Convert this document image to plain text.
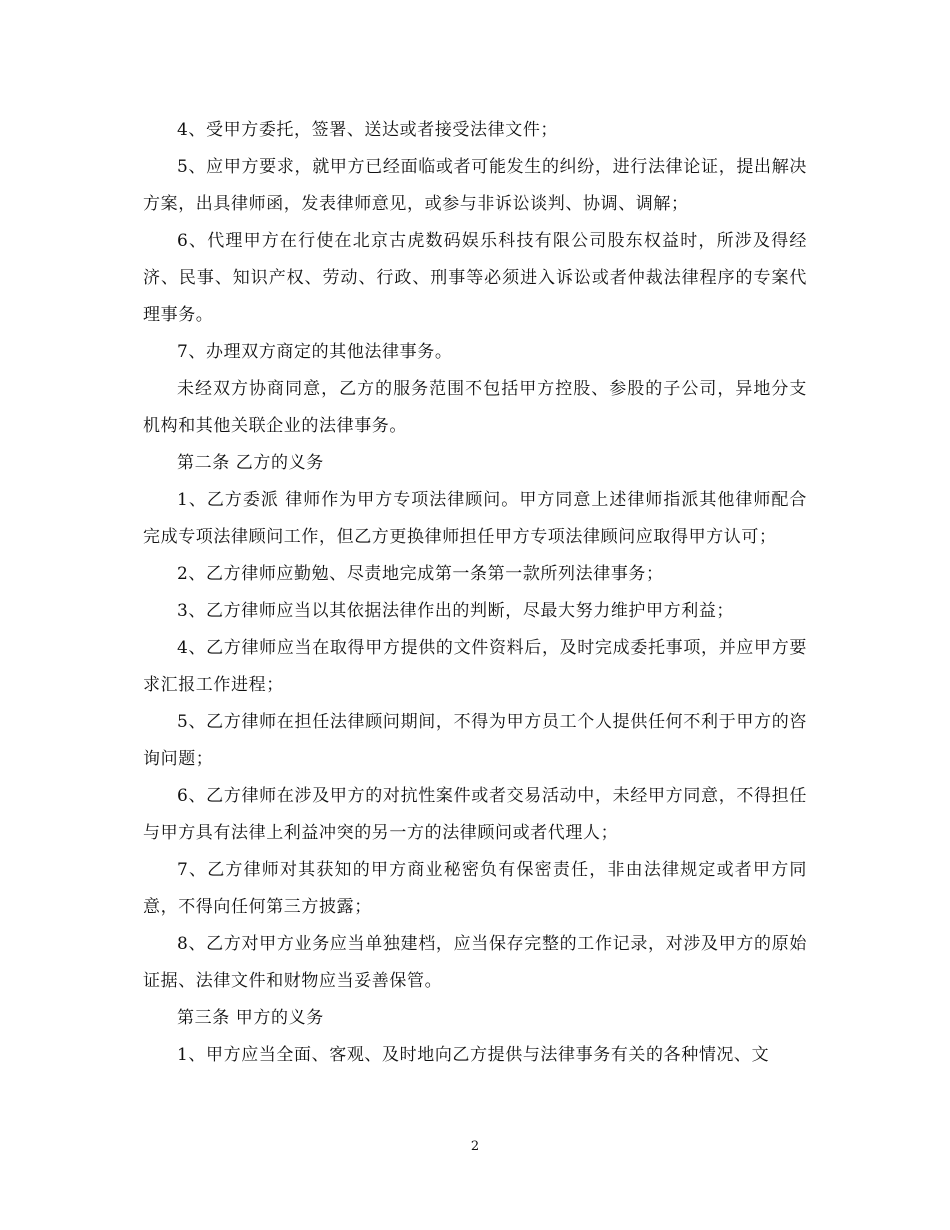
4、受甲方委托，签署、送达或者接受法律文件；

5、应甲方要求，就甲方已经面临或者可能发生的纠纷，进行法律论证，提出解决方案，出具律师函，发表律师意见，或参与非诉讼谈判、协调、调解；

6、代理甲方在行使在北京古虎数码娱乐科技有限公司股东权益时，所涉及得经济、民事、知识产权、劳动、行政、刑事等必须进入诉讼或者仲裁法律程序的专案代理事务。

7、办理双方商定的其他法律事务。

未经双方协商同意，乙方的服务范围不包括甲方控股、参股的子公司，异地分支机构和其他关联企业的法律事务。

第二条 乙方的义务

1、乙方委派 律师作为甲方专项法律顾问。甲方同意上述律师指派其他律师配合完成专项法律顾问工作，但乙方更换律师担任甲方专项法律顾问应取得甲方认可；

2、乙方律师应勤勉、尽责地完成第一条第一款所列法律事务；

3、乙方律师应当以其依据法律作出的判断，尽最大努力维护甲方利益；

4、乙方律师应当在取得甲方提供的文件资料后，及时完成委托事项，并应甲方要求汇报工作进程；

5、乙方律师在担任法律顾问期间，不得为甲方员工个人提供任何不利于甲方的咨询问题；

6、乙方律师在涉及甲方的对抗性案件或者交易活动中，未经甲方同意，不得担任与甲方具有法律上利益冲突的另一方的法律顾问或者代理人；

7、乙方律师对其获知的甲方商业秘密负有保密责任，非由法律规定或者甲方同意，不得向任何第三方披露；

8、乙方对甲方业务应当单独建档，应当保存完整的工作记录，对涉及甲方的原始证据、法律文件和财物应当妥善保管。

第三条 甲方的义务

1、甲方应当全面、客观、及时地向乙方提供与法律事务有关的各种情况、文

2
